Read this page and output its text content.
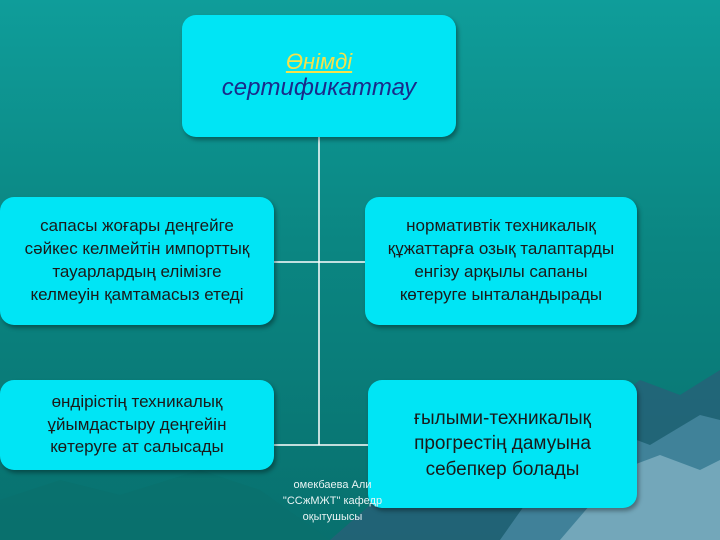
Өнімді
сертификаттау
сапасы жоғары деңгейге
сәйкес келмейтін импорттық
тауарлардың елімізге
келмеуін қамтамасыз етеді
нормативтік техникалық
құжаттарға озық талаптарды
енгізу арқылы сапаны
көтеруге ынталандырады
өндірістің техникалық
ұйымдастыру деңгейін
көтеруге ат салысады
ғылыми-техникалық
прогрестің дамуына
себепкер болады
омекбаева Али
"ССжМЖТ" кафедр
оқытушысы
